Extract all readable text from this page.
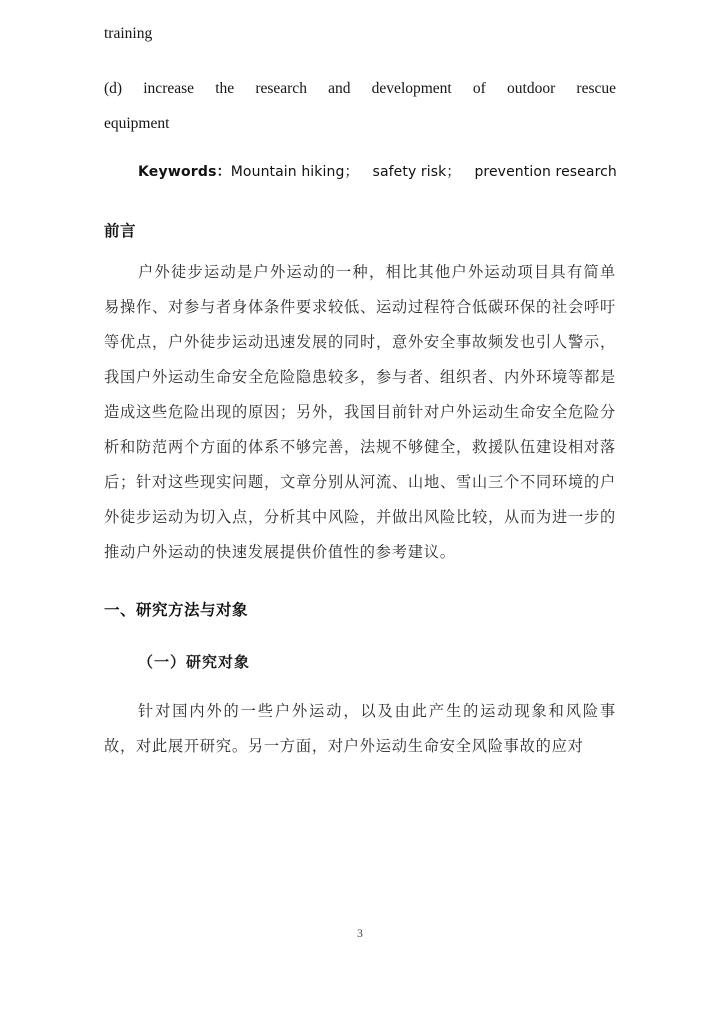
training
(d) increase the research and development of outdoor rescue
equipment
Keywords：Mountain hiking； safety risk； prevention research
前言
户外徒步运动是户外运动的一种，相比其他户外运动项目具有简单易操作、对参与者身体条件要求较低、运动过程符合低碳环保的社会呼吁等优点，户外徒步运动迅速发展的同时，意外安全事故频发也引人警示，我国户外运动生命安全危险隐患较多，参与者、组织者、内外环境等都是造成这些危险出现的原因；另外，我国目前针对户外运动生命安全危险分析和防范两个方面的体系不够完善，法规不够健全，救援队伍建设相对落后；针对这些现实问题，文章分别从河流、山地、雪山三个不同环境的户外徒步运动为切入点，分析其中风险，并做出风险比较，从而为进一步的推动户外运动的快速发展提供价值性的参考建议。
一、研究方法与对象
（一）研究对象
针对国内外的一些户外运动，以及由此产生的运动现象和风险事故，对此展开研究。另一方面，对户外运动生命安全风险事故的应对
3
